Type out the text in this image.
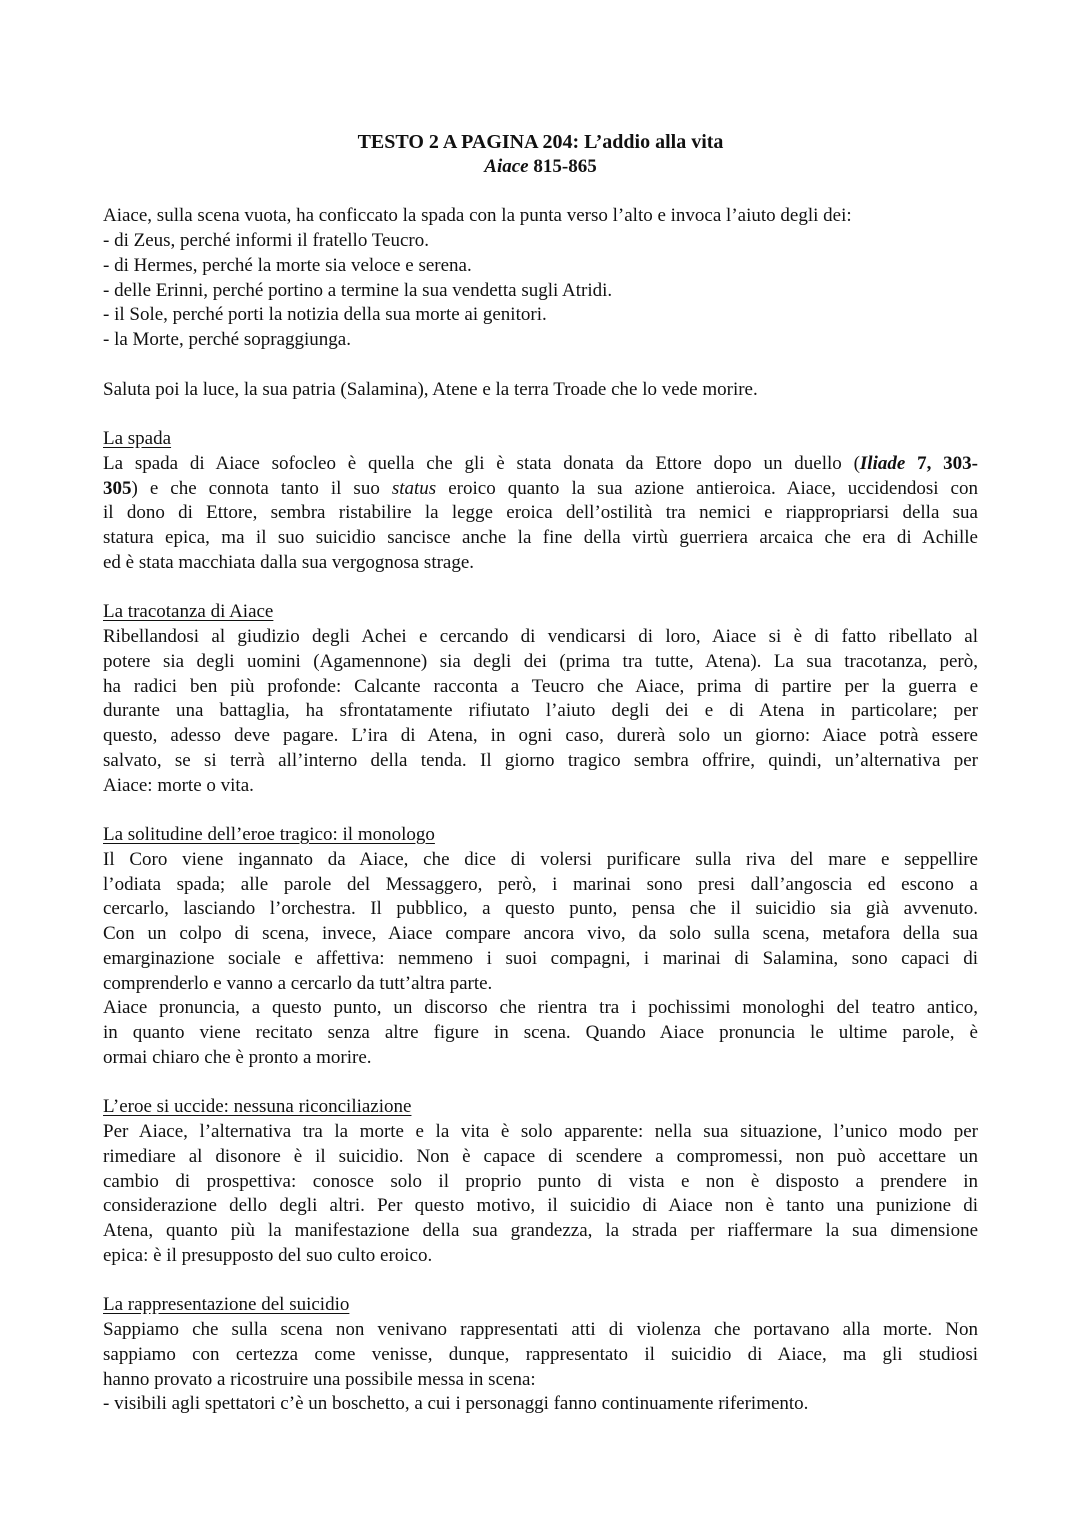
TESTO 2 A PAGINA 204: L’addio alla vita
Aiace 815-865
Aiace, sulla scena vuota, ha conficcato la spada con la punta verso l’alto e invoca l’aiuto degli dei:
- di Zeus, perché informi il fratello Teucro.
- di Hermes, perché la morte sia veloce e serena.
- delle Erinni, perché portino a termine la sua vendetta sugli Atridi.
- il Sole, perché porti la notizia della sua morte ai genitori.
- la Morte, perché sopraggiunga.
Saluta poi la luce, la sua patria (Salamina), Atene e la terra Troade che lo vede morire.
La spada
La spada di Aiace sofocleo è quella che gli è stata donata da Ettore dopo un duello (Iliade 7, 303-
305) e che connota tanto il suo status eroico quanto la sua azione antieroica. Aiace, uccidendosi con
il dono di Ettore, sembra ristabilire la legge eroica dell’ostilità tra nemici e riappropriarsi della sua
statura epica, ma il suo suicidio sancisce anche la fine della virtù guerriera arcaica che era di Achille
ed è stata macchiata dalla sua vergognosa strage.
La tracotanza di Aiace
Ribellandosi al giudizio degli Achei e cercando di vendicarsi di loro, Aiace si è di fatto ribellato al
potere sia degli uomini (Agamennone) sia degli dei (prima tra tutte, Atena). La sua tracotanza, però,
ha radici ben più profonde: Calcante racconta a Teucro che Aiace, prima di partire per la guerra e
durante una battaglia, ha sfrontatamente rifiutato l’aiuto degli dei e di Atena in particolare; per
questo, adesso deve pagare. L’ira di Atena, in ogni caso, durerà solo un giorno: Aiace potrà essere
salvato, se si terrà all’interno della tenda. Il giorno tragico sembra offrire, quindi, un’alternativa per
Aiace: morte o vita.
La solitudine dell’eroe tragico: il monologo
Il Coro viene ingannato da Aiace, che dice di volersi purificare sulla riva del mare e seppellire
l’odiata spada; alle parole del Messaggero, però, i marinai sono presi dall’angoscia ed escono a
cercarlo, lasciando l’orchestra. Il pubblico, a questo punto, pensa che il suicidio sia già avvenuto.
Con un colpo di scena, invece, Aiace compare ancora vivo, da solo sulla scena, metafora della sua
emarginazione sociale e affettiva: nemmeno i suoi compagni, i marinai di Salamina, sono capaci di
comprenderlo e vanno a cercarlo da tutt’altra parte.
Aiace pronuncia, a questo punto, un discorso che rientra tra i pochissimi monologhi del teatro antico,
in quanto viene recitato senza altre figure in scena. Quando Aiace pronuncia le ultime parole, è
ormai chiaro che è pronto a morire.
L’eroe si uccide: nessuna riconciliazione
Per Aiace, l’alternativa tra la morte e la vita è solo apparente: nella sua situazione, l’unico modo per
rimediare al disonore è il suicidio. Non è capace di scendere a compromessi, non può accettare un
cambio di prospettiva: conosce solo il proprio punto di vista e non è disposto a prendere in
considerazione dello degli altri. Per questo motivo, il suicidio di Aiace non è tanto una punizione di
Atena, quanto più la manifestazione della sua grandezza, la strada per riaffermare la sua dimensione
epica: è il presupposto del suo culto eroico.
La rappresentazione del suicidio
Sappiamo che sulla scena non venivano rappresentati atti di violenza che portavano alla morte. Non
sappiamo con certezza come venisse, dunque, rappresentato il suicidio di Aiace, ma gli studiosi
hanno provato a ricostruire una possibile messa in scena:
- visibili agli spettatori c’è un boschetto, a cui i personaggi fanno continuamente riferimento.
